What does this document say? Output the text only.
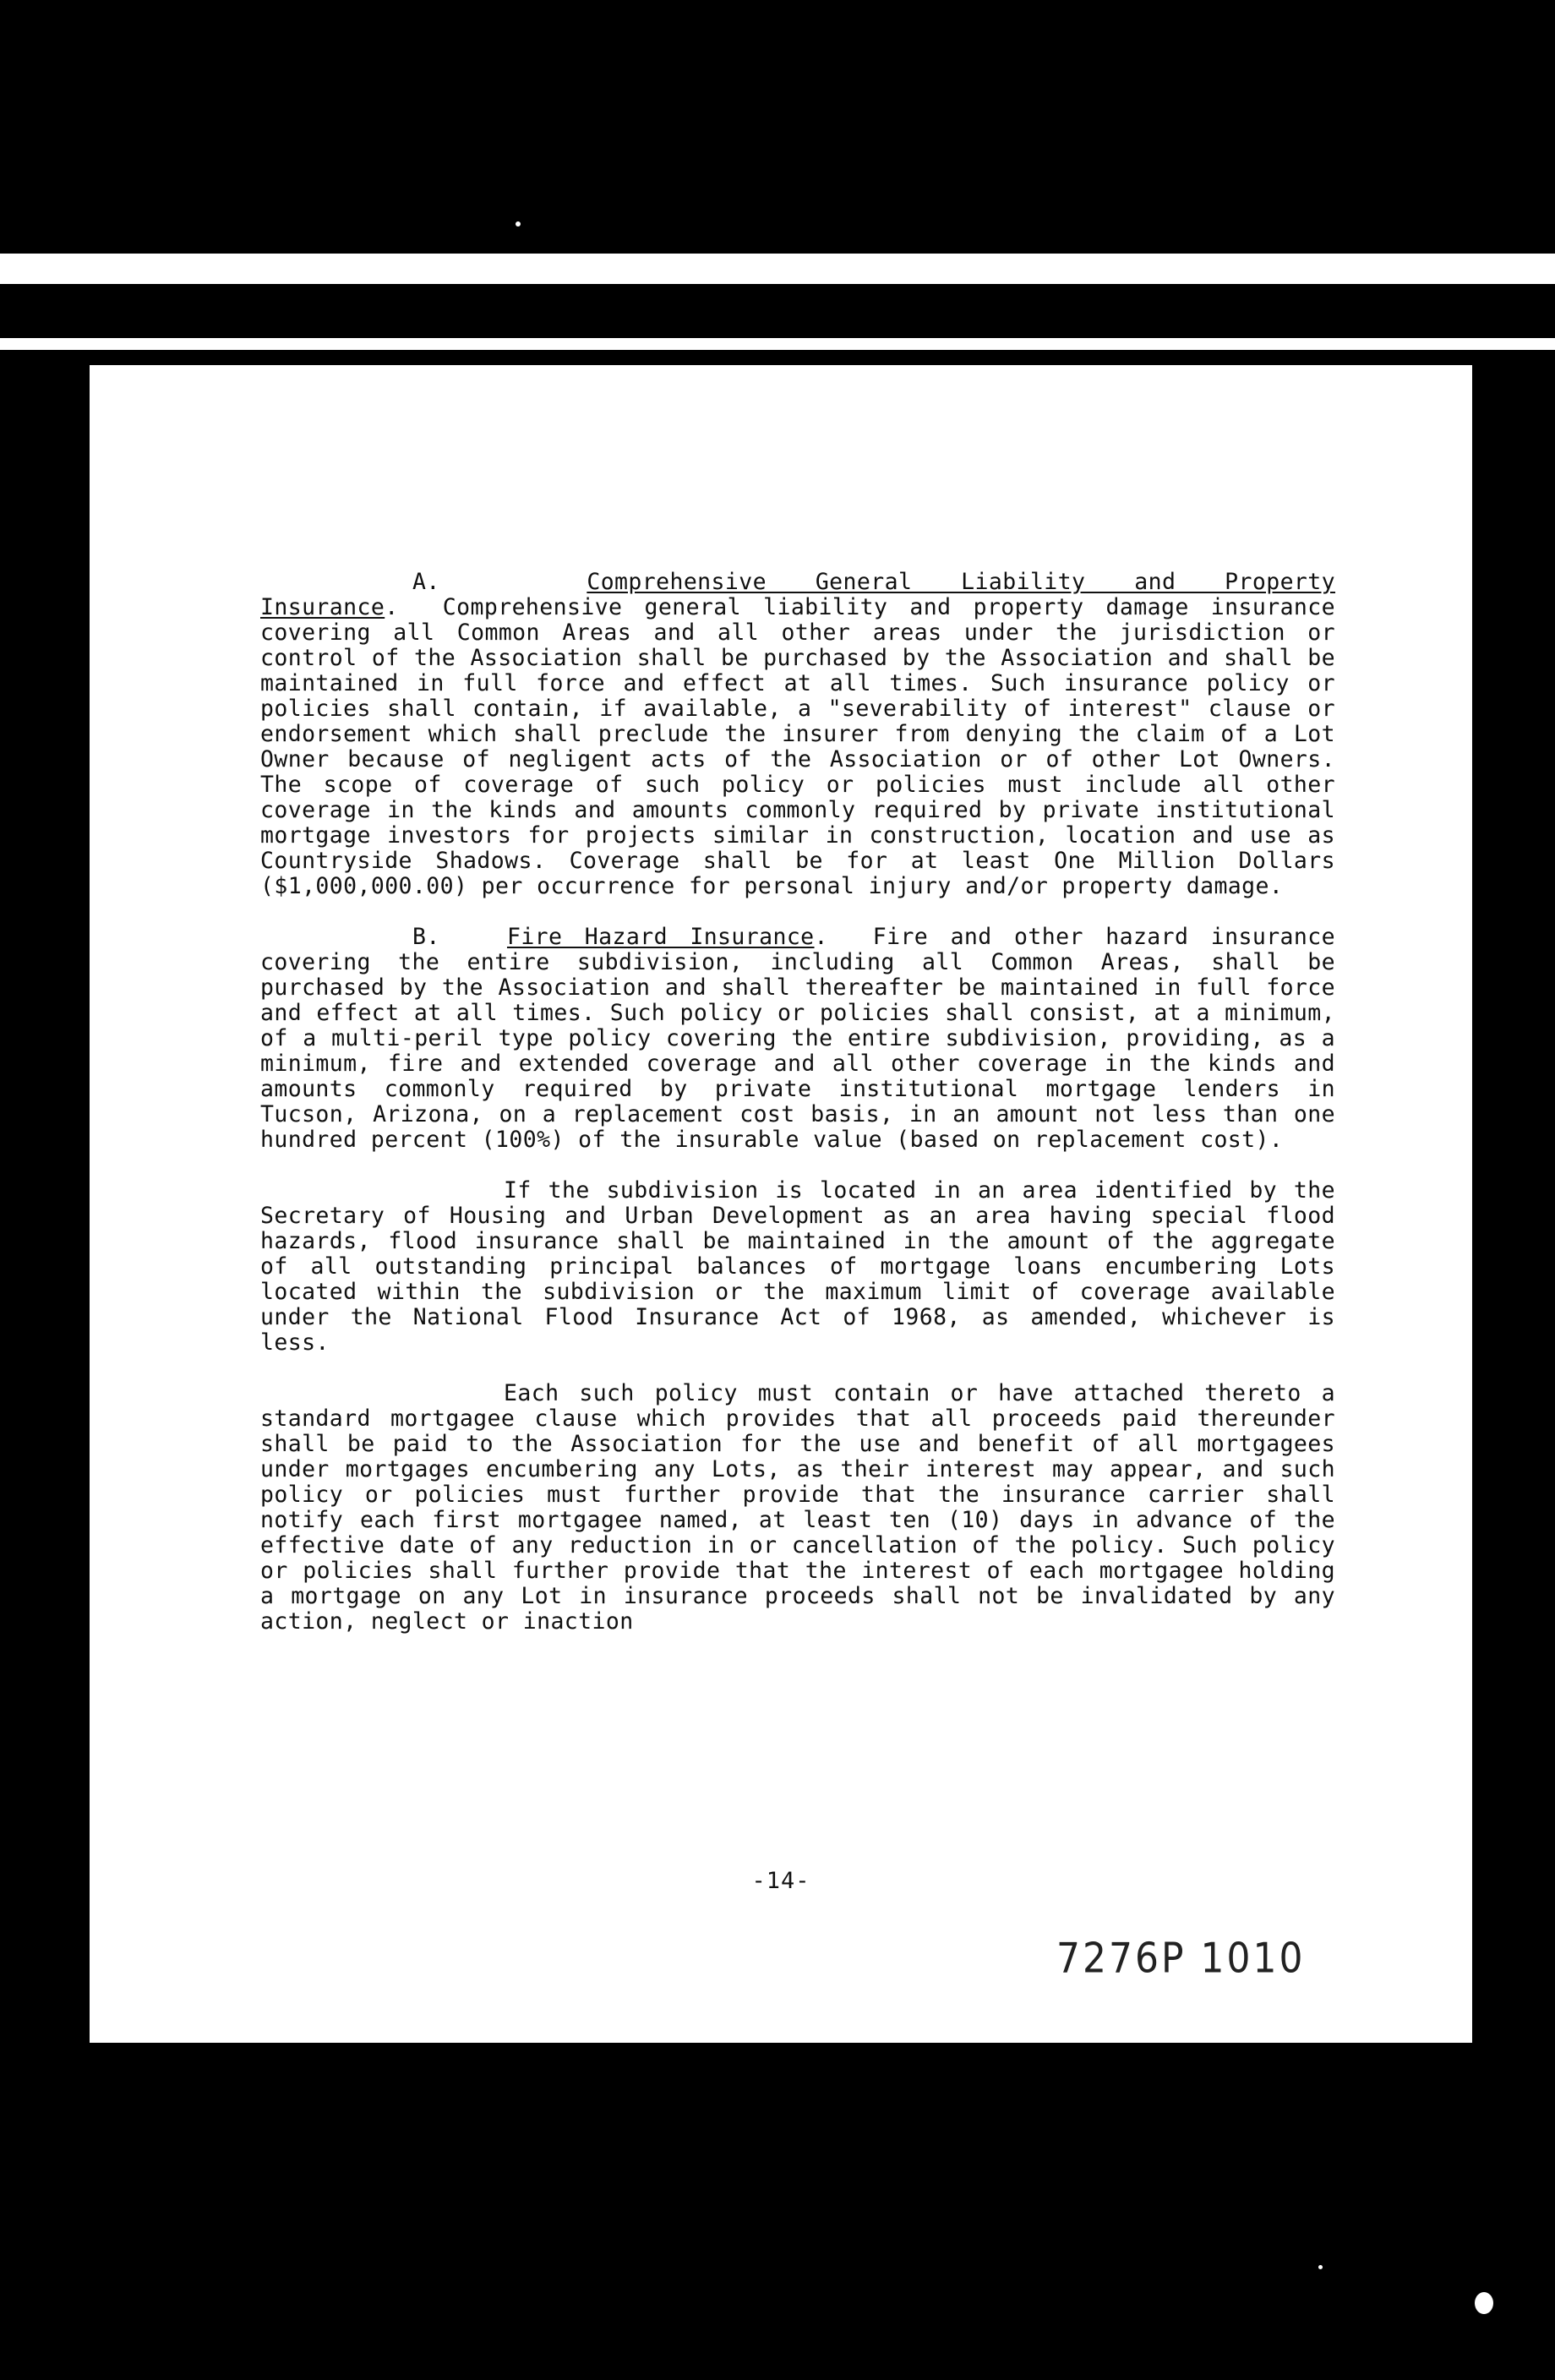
A.	Comprehensive General Liability and Property Insurance.  Comprehensive general liability and property damage insurance covering all Common Areas and all other areas under the jurisdiction or control of the Association shall be purchased by the Association and shall be maintained in full force and effect at all times. Such insurance policy or policies shall contain, if available, a "severability of interest" clause or endorsement which shall preclude the insurer from denying the claim of a Lot Owner because of negligent acts of the Association or of other Lot Owners. The scope of coverage of such policy or policies must include all other coverage in the kinds and amounts commonly required by private institutional mortgage investors for projects similar in construction, location and use as Countryside Shadows. Coverage shall be for at least One Million Dollars ($1,000,000.00) per occurrence for personal injury and/or property damage.

B.	Fire Hazard Insurance.  Fire and other hazard insurance covering the entire subdivision, including all Common Areas, shall be purchased by the Association and shall thereafter be maintained in full force and effect at all times. Such policy or policies shall consist, at a minimum, of a multi-peril type policy covering the entire subdivision, providing, as a minimum, fire and extended coverage and all other coverage in the kinds and amounts commonly required by private institutional mortgage lenders in Tucson, Arizona, on a replacement cost basis, in an amount not less than one hundred percent (100%) of the insurable value (based on replacement cost).

If the subdivision is located in an area identified by the Secretary of Housing and Urban Development as an area having special flood hazards, flood insurance shall be maintained in the amount of the aggregate of all outstanding principal balances of mortgage loans encumbering Lots located within the subdivision or the maximum limit of coverage available under the National Flood Insurance Act of 1968, as amended, whichever is less.

Each such policy must contain or have attached thereto a standard mortgagee clause which provides that all proceeds paid thereunder shall be paid to the Association for the use and benefit of all mortgagees under mortgages encumbering any Lots, as their interest may appear, and such policy or policies must further provide that the insurance carrier shall notify each first mortgagee named, at least ten (10) days in advance of the effective date of any reduction in or cancellation of the policy. Such policy or policies shall further provide that the interest of each mortgagee holding a mortgage on any Lot in insurance proceeds shall not be invalidated by any action, neglect or inaction

-14-
7276P 1010
